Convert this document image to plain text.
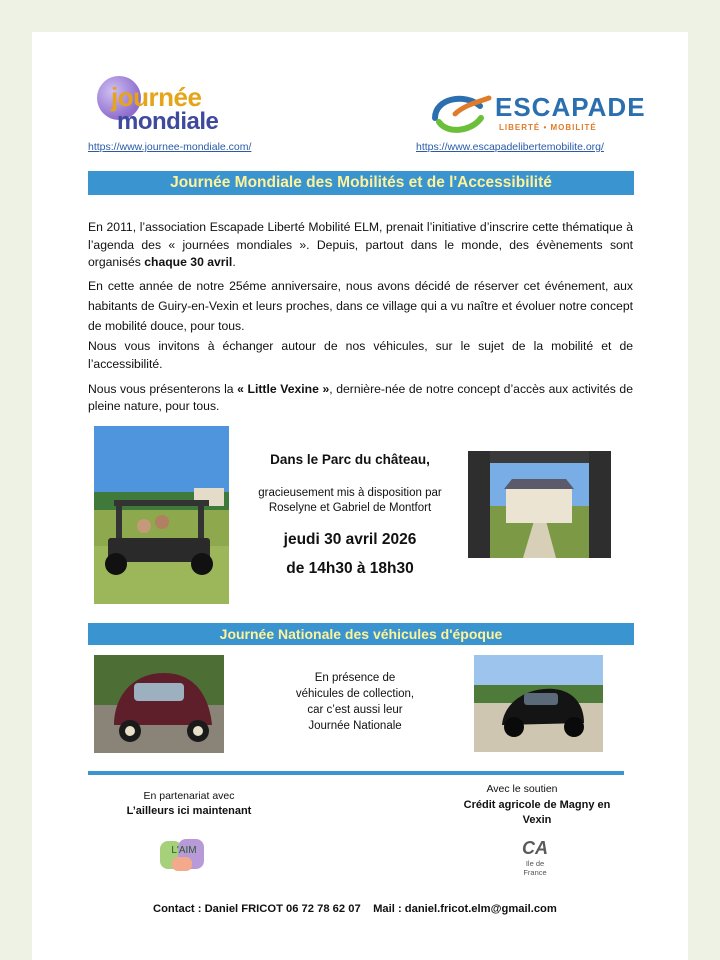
journée
mondiale
https://www.journee-mondiale.com/
ESCAPADE
LIBERTÉ • MOBILITÉ
https://www.escapadelibertemobilite.org/
Journée Mondiale des Mobilités et de l'Accessibilité
En 2011, l’association Escapade Liberté Mobilité ELM, prenait l’initiative d’inscrire cette thématique à l’agenda des « journées mondiales ». Depuis, partout dans le monde, des évènements sont organisés chaque 30 avril.
En cette année de notre 25éme anniversaire, nous avons décidé de réserver cet événement, aux habitants de Guiry-en-Vexin et leurs proches, dans ce village qui a vu naître et évoluer notre concept de mobilité douce, pour tous.
Nous vous invitons à échanger autour de nos véhicules, sur le sujet de la mobilité et de l’accessibilité.
Nous vous présenterons la « Little Vexine », dernière-née de notre concept d’accès aux activités de pleine nature, pour tous.
Dans le Parc du château,
gracieusement mis à disposition par
Roselyne et Gabriel de Montfort
jeudi 30 avril 2026
de 14h30 à 18h30
Journée Nationale des véhicules d'époque
En présence de
véhicules de collection,
car c’est aussi leur
Journée Nationale
En partenariat avec
L’ailleurs ici maintenant
L'AIM
Avec le soutien
Crédit agricole de Magny en
Vexin
CA
Ile de
France
Contact : Daniel FRICOT 06 72 78 62 07    Mail : daniel.fricot.elm@gmail.com
